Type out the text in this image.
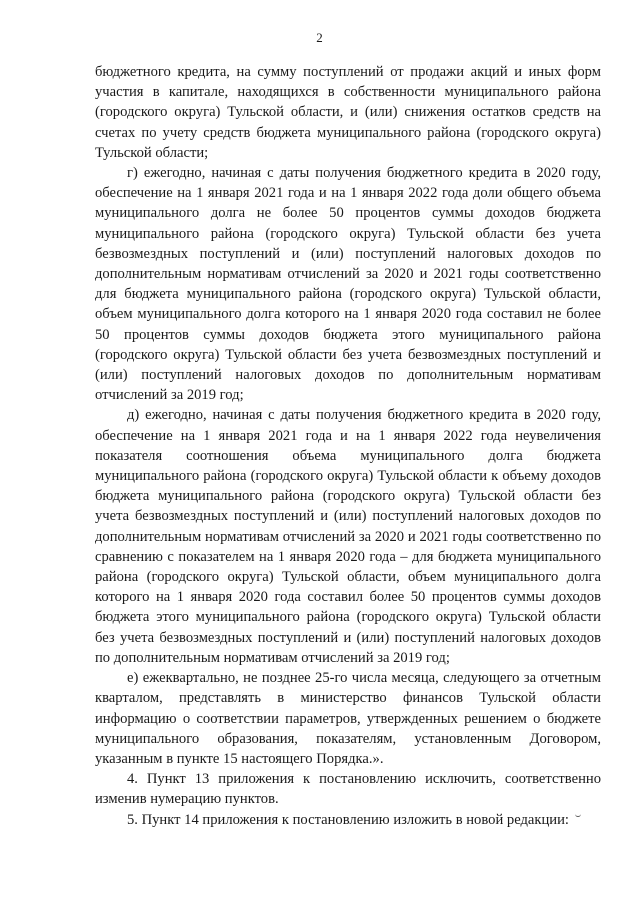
2

бюджетного кредита, на сумму поступлений от продажи акций и иных форм участия в капитале, находящихся в собственности муниципального района (городского округа) Тульской области, и (или) снижения остатков средств на счетах по учету средств бюджета муниципального района (городского округа) Тульской области;

г) ежегодно, начиная с даты получения бюджетного кредита в 2020 году, обеспечение на 1 января 2021 года и на 1 января 2022 года доли общего объема муниципального долга не более 50 процентов суммы доходов бюджета муниципального района (городского округа) Тульской области без учета безвозмездных поступлений и (или) поступлений налоговых доходов по дополнительным нормативам отчислений за 2020 и 2021 годы соответственно для бюджета муниципального района (городского округа) Тульской области, объем муниципального долга которого на 1 января 2020 года составил не более 50 процентов суммы доходов бюджета этого муниципального района (городского округа) Тульской области без учета безвозмездных поступлений и (или) поступлений налоговых доходов по дополнительным нормативам отчислений за 2019 год;

д) ежегодно, начиная с даты получения бюджетного кредита в 2020 году, обеспечение на 1 января 2021 года и на 1 января 2022 года неувеличения показателя соотношения объема муниципального долга бюджета муниципального района (городского округа) Тульской области к объему доходов бюджета муниципального района (городского округа) Тульской области без учета безвозмездных поступлений и (или) поступлений налоговых доходов по дополнительным нормативам отчислений за 2020 и 2021 годы соответственно по сравнению с показателем на 1 января 2020 года – для бюджета муниципального района (городского округа) Тульской области, объем муниципального долга которого на 1 января 2020 года составил более 50 процентов суммы доходов бюджета этого муниципального района (городского округа) Тульской области без учета безвозмездных поступлений и (или) поступлений налоговых доходов по дополнительным нормативам отчислений за 2019 год;

е) ежеквартально, не позднее 25-го числа месяца, следующего за отчетным кварталом, представлять в министерство финансов Тульской области информацию о соответствии параметров, утвержденных решением о бюджете муниципального образования, показателям, установленным Договором, указанным в пункте 15 настоящего Порядка.».

4. Пункт 13 приложения к постановлению исключить, соответственно изменив нумерацию пунктов.

5. Пункт 14 приложения к постановлению изложить в новой редакции:
